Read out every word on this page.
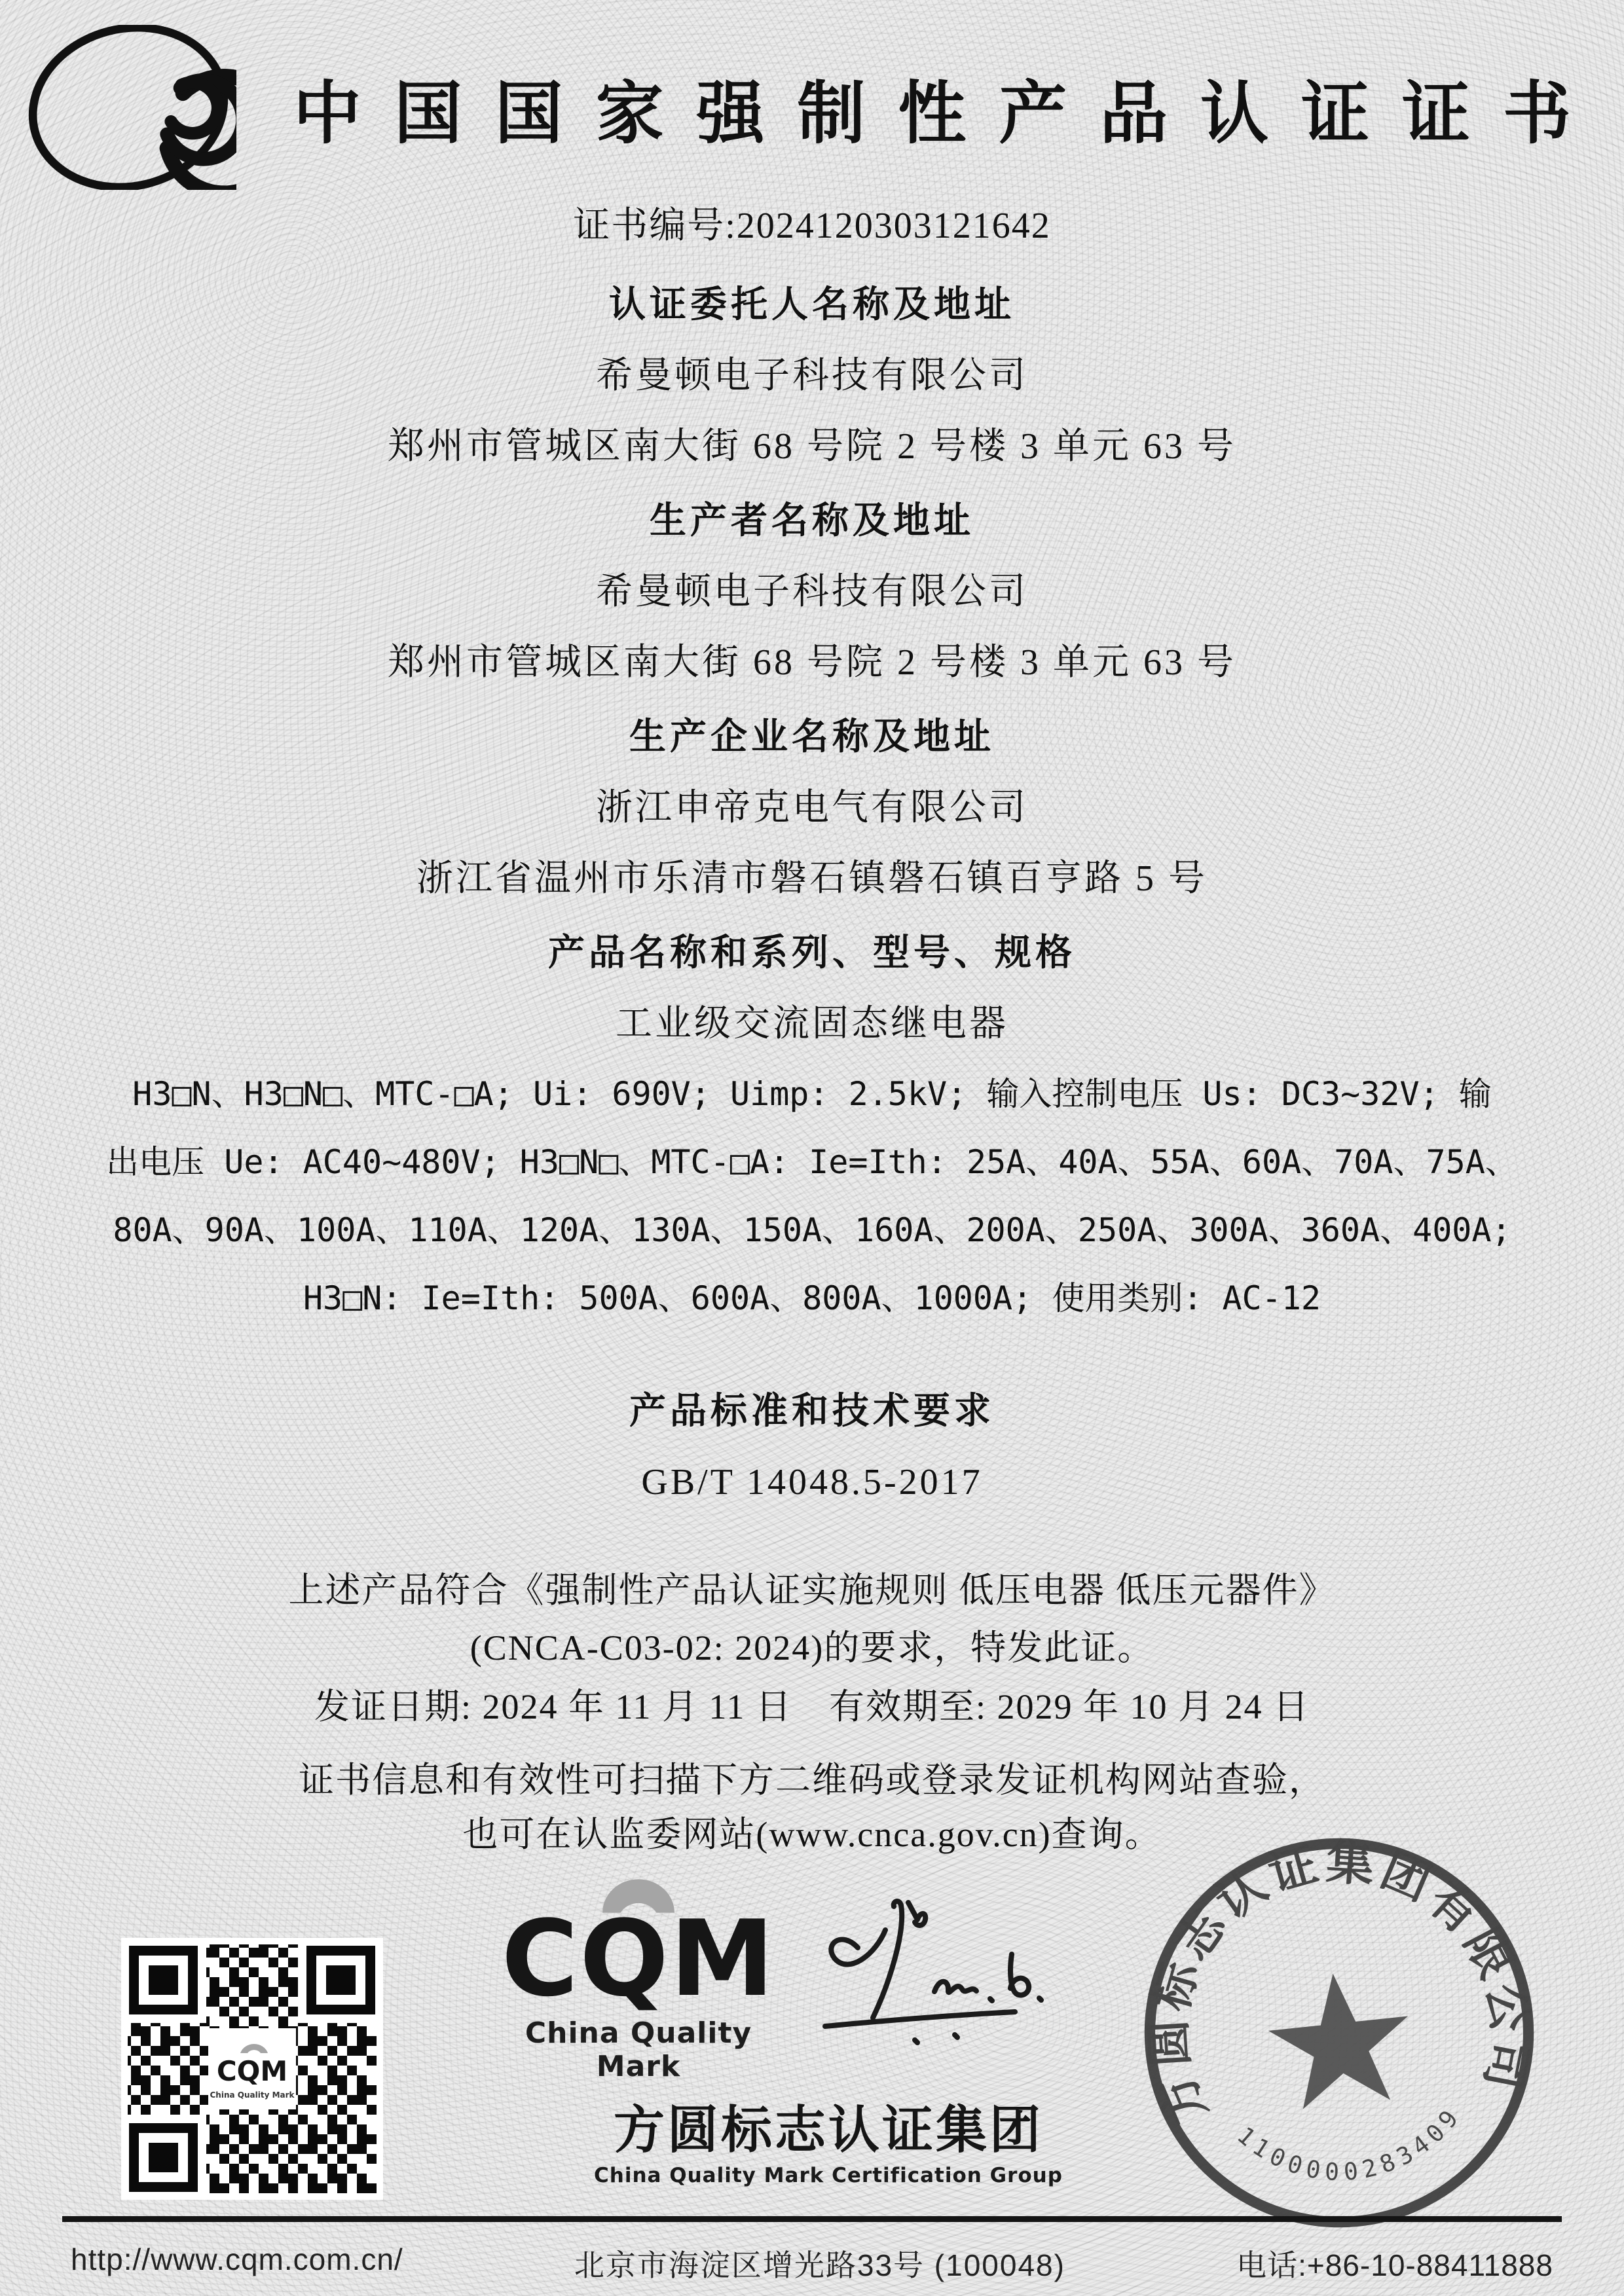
中国国家强制性产品认证证书
证书编号:2024120303121642
认证委托人名称及地址
希曼顿电子科技有限公司
郑州市管城区南大街 68 号院 2 号楼 3 单元 63 号
生产者名称及地址
希曼顿电子科技有限公司
郑州市管城区南大街 68 号院 2 号楼 3 单元 63 号
生产企业名称及地址
浙江申帝克电气有限公司
浙江省温州市乐清市磐石镇磐石镇百亨路 5 号
产品名称和系列、型号、规格
工业级交流固态继电器
H3□N、H3□N□、MTC-□A; Ui: 690V; Uimp: 2.5kV; 输入控制电压 Us: DC3~32V; 输
出电压 Ue: AC40~480V; H3□N□、MTC-□A: Ie=Ith: 25A、40A、55A、60A、70A、75A、
80A、90A、100A、110A、120A、130A、150A、160A、200A、250A、300A、360A、400A;
H3□N: Ie=Ith: 500A、600A、800A、1000A; 使用类别: AC-12
产品标准和技术要求
GB/T 14048.5-2017
上述产品符合《强制性产品认证实施规则 低压电器 低压元器件》
(CNCA-C03-02: 2024)的要求，特发此证。
发证日期: 2024 年 11 月 11 日　有效期至: 2029 年 10 月 24 日
证书信息和有效性可扫描下方二维码或登录发证机构网站查验，
也可在认监委网站(www.cnca.gov.cn)查询。
CQM
China Quality Mark
CQM
China Quality Mark
方圆标志认证集团
China Quality Mark Certification Group
方圆标志认证集团有限公司
1100000283409
http://www.cqm.com.cn/	北京市海淀区增光路33号 (100048)	电话:+86-10-88411888
